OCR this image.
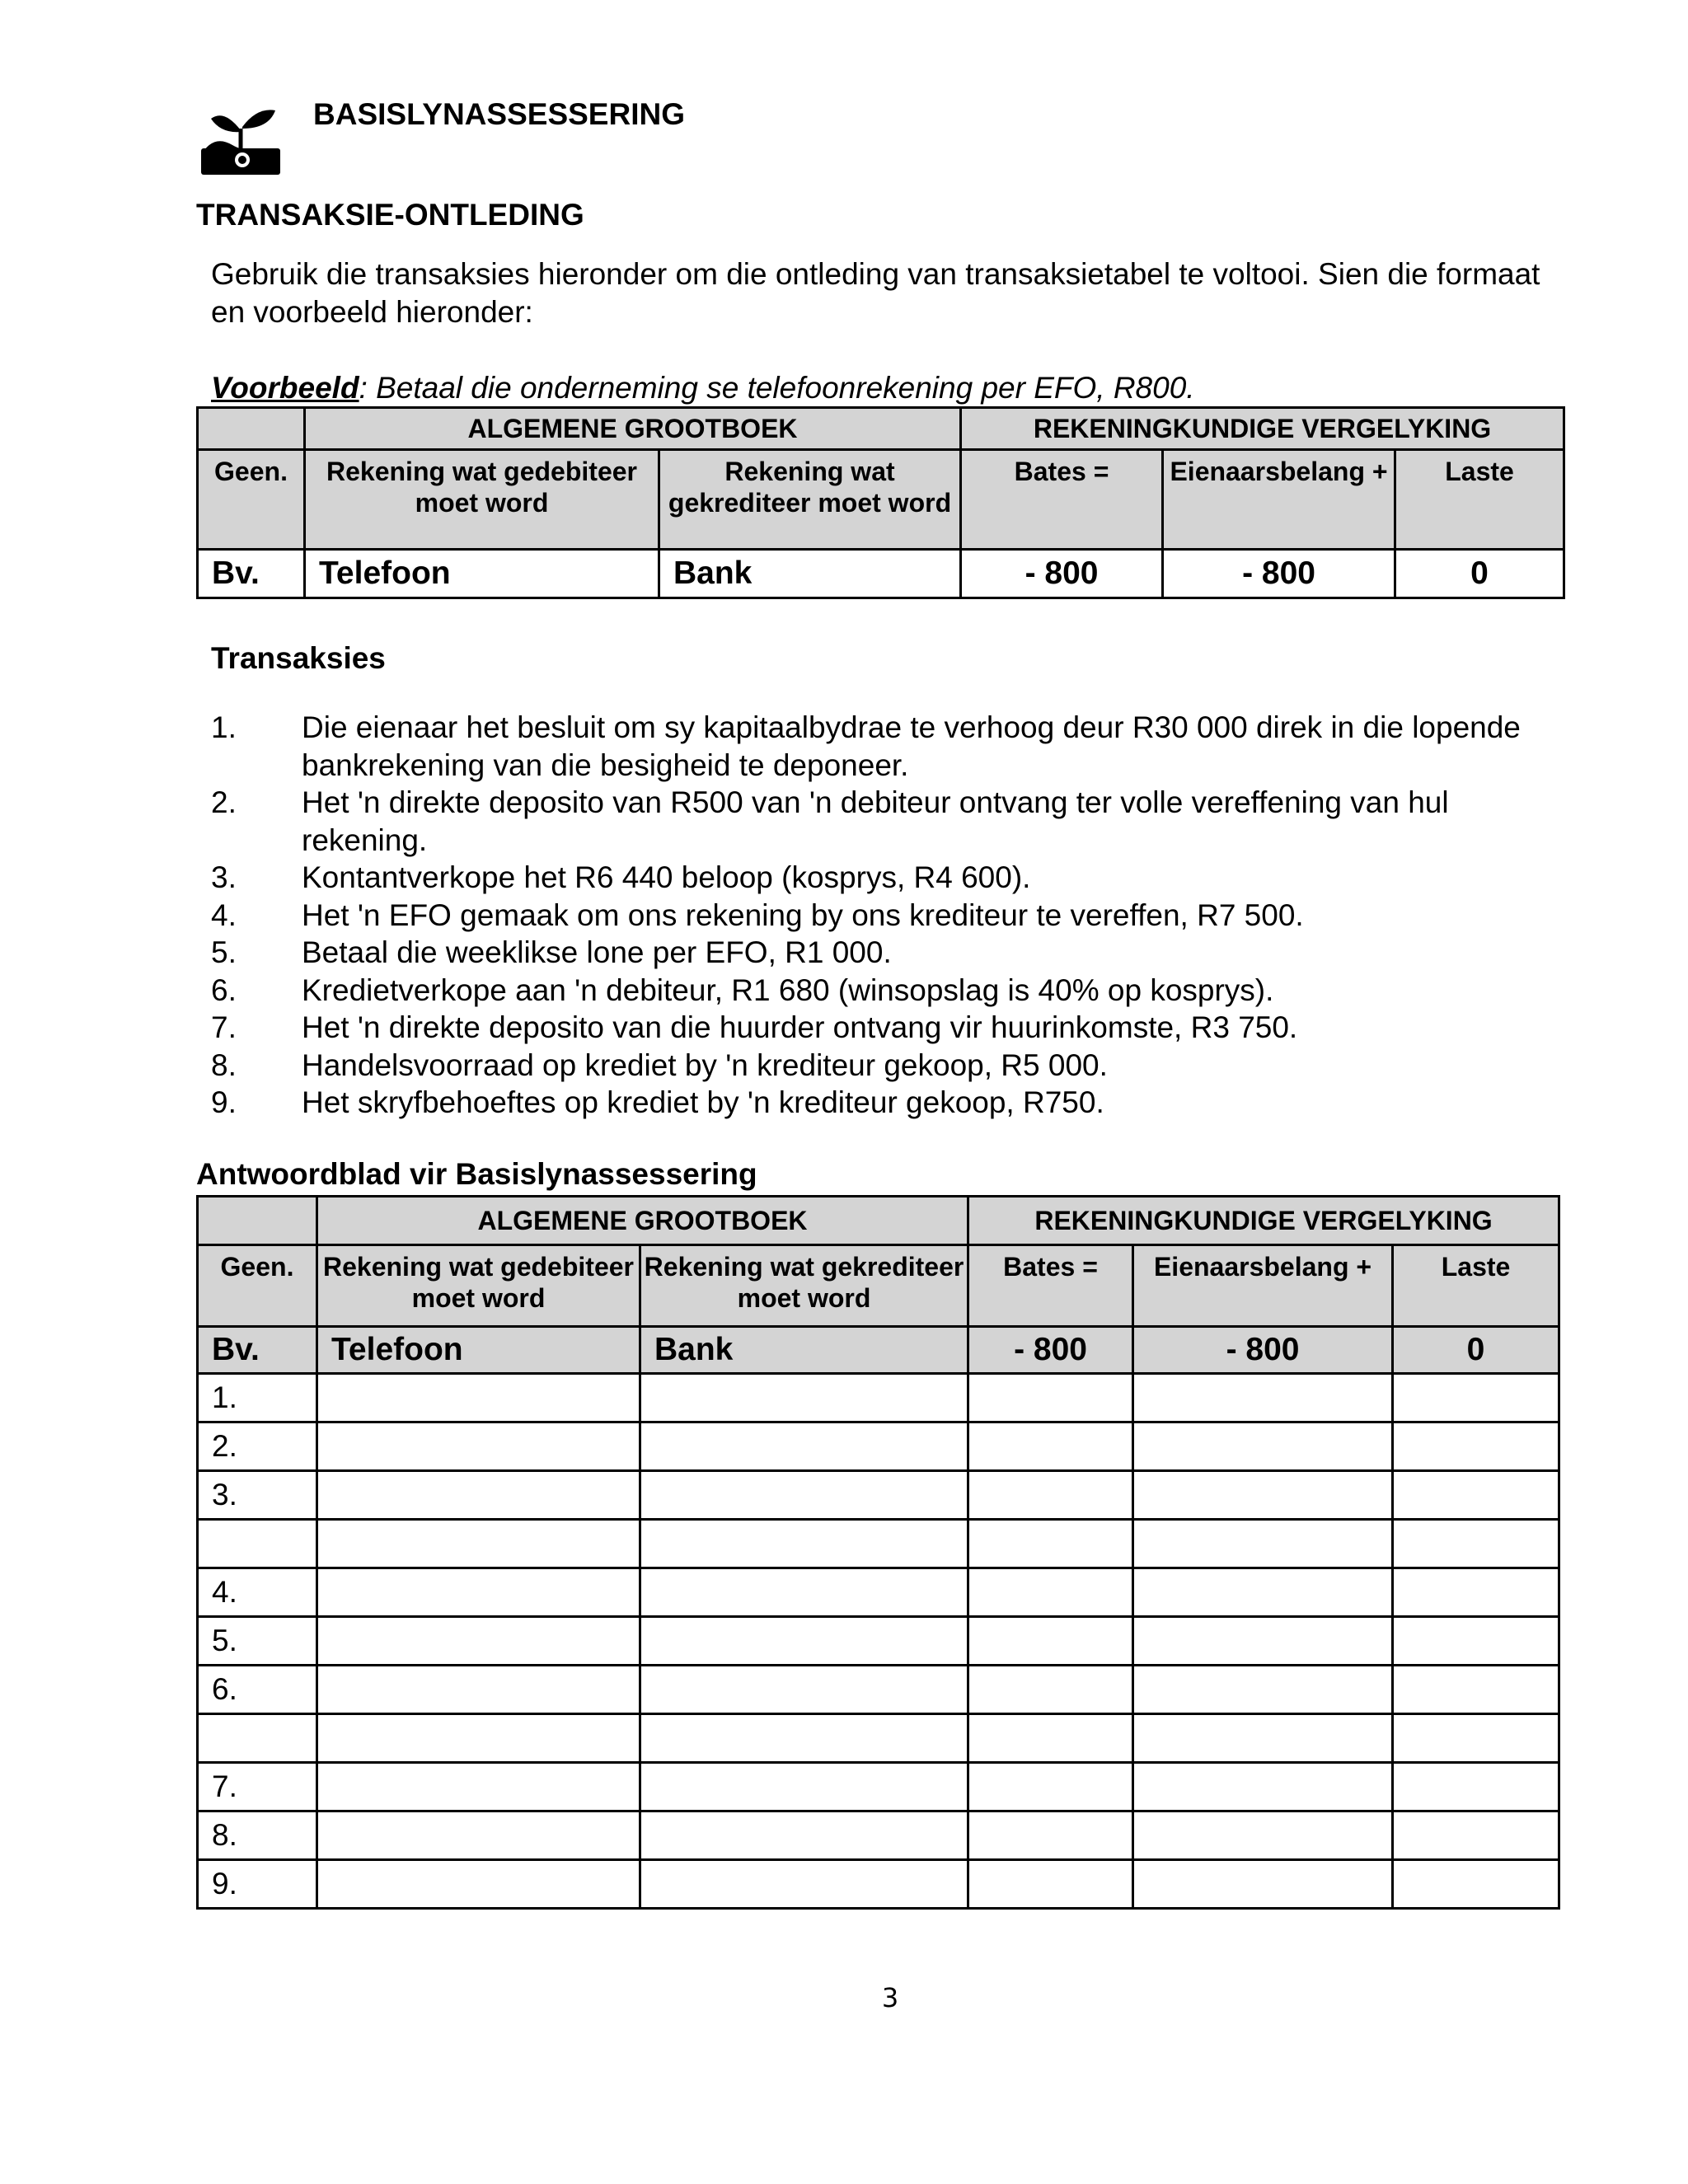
BASISLYNASSESSERING
TRANSAKSIE-ONTLEDING
Gebruik die transaksies hieronder om die ontleding van transaksietabel te voltooi. Sien die formaat en voorbeeld hieronder:
Voorbeeld: Betaal die onderneming se telefoonrekening per EFO, R800.
	ALGEMENE GROOTBOEK		REKENINGKUNDIGE VERGELYKING		
Geen.	Rekening wat gedebiteer moet word	Rekening wat gekrediteer moet word	Bates =	Eienaarsbelang +	Laste
Bv.	Telefoon	Bank	- 800	- 800	0
Transaksies
1.	Die eienaar het besluit om sy kapitaalbydrae te verhoog deur R30 000 direk in die lopende bankrekening van die besigheid te deponeer.
2.	Het 'n direkte deposito van R500 van 'n debiteur ontvang ter volle vereffening van hul rekening.
3.	Kontantverkope het R6 440 beloop (kosprys, R4 600).
4.	Het 'n EFO gemaak om ons rekening by ons krediteur te vereffen, R7 500.
5.	Betaal die weeklikse lone per EFO, R1 000.
6.	Kredietverkope aan 'n debiteur, R1 680 (winsopslag is 40% op kosprys).
7.	Het 'n direkte deposito van die huurder ontvang vir huurinkomste, R3 750.
8.	Handelsvoorraad op krediet by 'n krediteur gekoop, R5 000.
9.	Het skryfbehoeftes op krediet by 'n krediteur gekoop, R750.
Antwoordblad vir Basislynassessering
	ALGEMENE GROOTBOEK		REKENINGKUNDIGE VERGELYKING		
Geen.	Rekening wat gedebiteer moet word	Rekening wat gekrediteer moet word	Bates =	Eienaarsbelang +	Laste
Bv.	Telefoon	Bank	- 800	- 800	0
1.					
2.					
3.					

4.					
5.					
6.					

7.					
8.					
9.					
3
